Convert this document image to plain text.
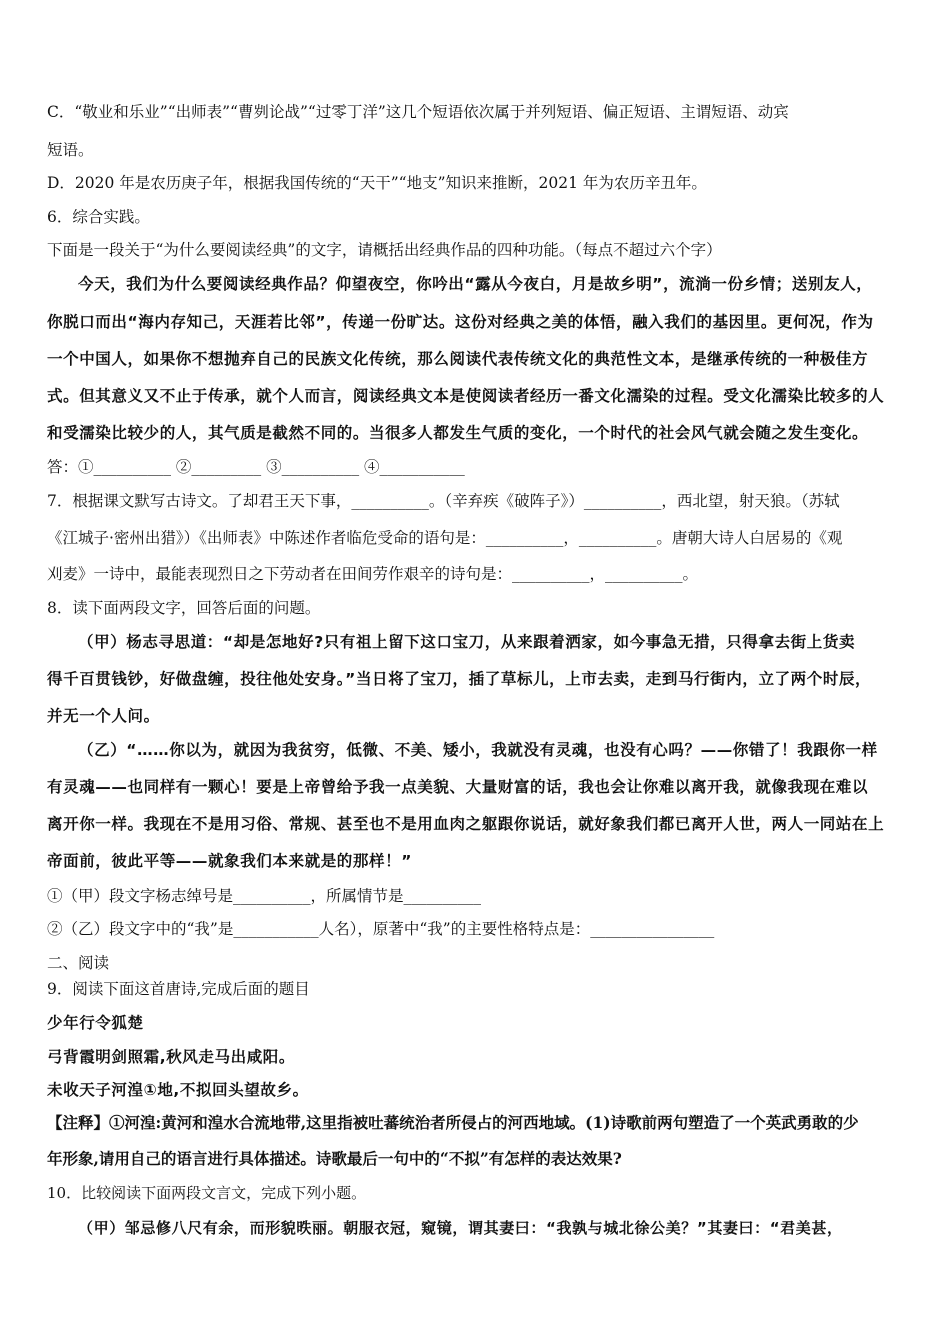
C．“敬业和乐业”“出师表”“曹刿论战”“过零丁洋”这几个短语依次属于并列短语、偏正短语、主谓短语、动宾
短语。
D．2020 年是农历庚子年，根据我国传统的“天干”“地支”知识来推断，2021 年为农历辛丑年。
6．综合实践。
下面是一段关于“为什么要阅读经典”的文字，请概括出经典作品的四种功能。（每点不超过六个字）
今天，我们为什么要阅读经典作品？仰望夜空，你吟出“露从今夜白，月是故乡明”，流淌一份乡情；送别友人，
你脱口而出“海内存知己，天涯若比邻”，传递一份旷达。这份对经典之美的体悟，融入我们的基因里。更何况，作为
一个中国人，如果你不想抛弃自己的民族文化传统，那么阅读代表传统文化的典范性文本，是继承传统的一种极佳方
式。但其意义又不止于传承，就个人而言，阅读经典文本是使阅读者经历一番文化濡染的过程。受文化濡染比较多的人
和受濡染比较少的人，其气质是截然不同的。当很多人都发生气质的变化，一个时代的社会风气就会随之发生变化。
答：①__________ ②_________ ③__________ ④___________
7．根据课文默写古诗文。了却君王天下事，__________。（辛弃疾《破阵子》）__________，西北望，射天狼。（苏轼
《江城子·密州出猎》）《出师表》中陈述作者临危受命的语句是：__________，__________。唐朝大诗人白居易的《观
刈麦》一诗中，最能表现烈日之下劳动者在田间劳作艰辛的诗句是：__________，__________。
8．读下面两段文字，回答后面的问题。
（甲）杨志寻思道：“却是怎地好?只有祖上留下这口宝刀，从来跟着洒家，如今事急无措，只得拿去街上货卖
得千百贯钱钞，好做盘缠，投往他处安身。”当日将了宝刀，插了草标儿，上市去卖，走到马行街内，立了两个时辰，
并无一个人问。
（乙）“……你以为，就因为我贫穷，低微、不美、矮小，我就没有灵魂，也没有心吗？——你错了！我跟你一样
有灵魂——也同样有一颗心！要是上帝曾给予我一点美貌、大量财富的话，我也会让你难以离开我，就像我现在难以
离开你一样。我现在不是用习俗、常规、甚至也不是用血肉之躯跟你说话，就好象我们都已离开人世，两人一同站在上
帝面前，彼此平等——就象我们本来就是的那样！”
①（甲）段文字杨志绰号是__________，所属情节是__________
②（乙）段文字中的“我”是___________人名），原著中“我”的主要性格特点是：________________
二、阅读
9．阅读下面这首唐诗,完成后面的题目
少年行令狐楚
弓背霞明剑照霜,秋风走马出咸阳。
未收天子河湟①地,不拟回头望故乡。
【注释】①河湟:黄河和湟水合流地带,这里指被吐蕃统治者所侵占的河西地域。(1)诗歌前两句塑造了一个英武勇敢的少
年形象,请用自己的语言进行具体描述。诗歌最后一句中的“不拟”有怎样的表达效果?
10．比较阅读下面两段文言文，完成下列小题。
（甲）邹忌修八尺有余，而形貌昳丽。朝服衣冠，窥镜，谓其妻曰：“我孰与城北徐公美？”其妻曰：“君美甚，
